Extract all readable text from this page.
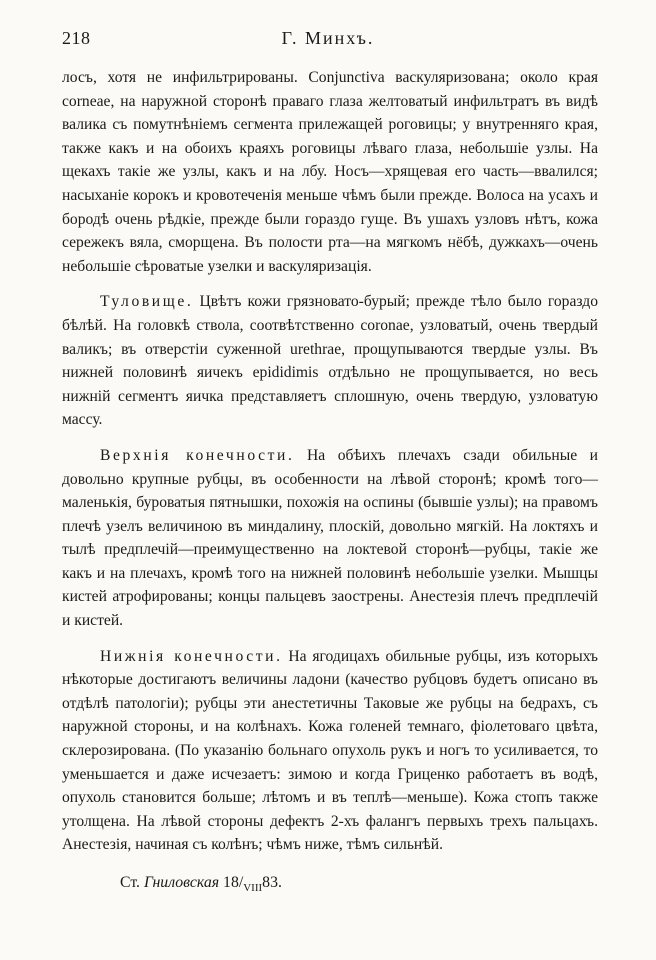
218	Г. Минхъ.

лосъ, хотя не инфильтрированы. Conjunctiva васкуляризована; около края corneae, на наружной сторонѣ праваго глаза желтоватый инфильтратъ въ видѣ валика съ помутнѣніемъ сегмента прилежащей роговицы; у внутренняго края, также какъ и на обоихъ краяхъ роговицы лѣваго глаза, небольшiе узлы. На щекахъ такiе же узлы, какъ и на лбу. Носъ—хрящевая его часть—ввалился; насыханіе корокъ и кровотеченія меньше чѣмъ были прежде. Волоса на усахъ и бородѣ очень рѣдкiе, прежде были гораздо гуще. Въ ушахъ узловъ нѣтъ, кожа сережекъ вяла, сморщена. Въ полости рта—на мягкомъ нёбѣ, дужкахъ—очень небольшiе сѣроватые узелки и васкуляризація.

Туловище. Цвѣтъ кожи грязновато-бурый; прежде тѣло было гораздо бѣлѣй. На головкѣ ствола, соотвѣтственно coronae, узловатый, очень твердый валикъ; въ отверстiи суженной urethrae, прощупываются твердые узлы. Въ нижней половинѣ яичекъ epididimis отдѣльно не прощупывается, но весь нижнiй сегментъ яичка представляетъ сплошную, очень твердую, узловатую массу.

Верхнія конечности. На обѣихъ плечахъ сзади обильные и довольно крупные рубцы, въ особенности на лѣвой сторонѣ; кромѣ того—маленькія, буроватыя пятнышки, похожія на оспины (бывшiе узлы); на правомъ плечѣ узелъ величиною въ миндалину, плоскiй, довольно мягкiй. На локтяхъ и тылѣ предплечiй—преимущественно на локтевой сторонѣ—рубцы, такiе же какъ и на плечахъ, кромѣ того на нижней половинѣ небольшiе узелки. Мышцы кистей атрофированы; концы пальцевъ заострены. Анестезія плечъ предплечiй и кистей.

Нижнія конечности. На ягодицахъ обильные рубцы, изъ которыхъ нѣкоторые достигаютъ величины ладони (качество рубцовъ будетъ описано въ отдѣлѣ патологiи); рубцы эти анестетичны Таковые же рубцы на бедрахъ, съ наружной стороны, и на колѣнахъ. Кожа голеней темнаго, фіолетоваго цвѣта, склерозирована. (По указанiю больнаго опухоль рукъ и ногъ то усиливается, то уменьшается и даже исчезаетъ: зимою и когда Гриценко работаетъ въ водѣ, опухоль становится больше; лѣтомъ и въ теплѣ—меньше). Кожа стопъ также утолщена. На лѣвой стороны дефектъ 2-хъ фалангъ первыхъ трехъ пальцахъ. Анестезія, начиная съ колѣнъ; чѣмъ ниже, тѣмъ сильнѣй.

Ст. Гниловская $18/_{VIII}83$.
